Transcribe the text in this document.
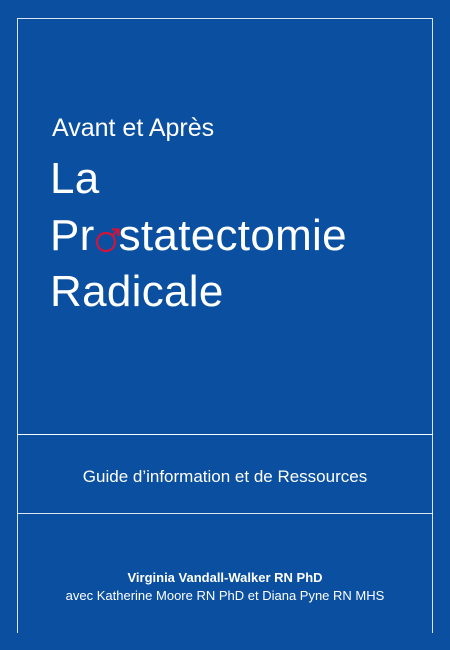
Avant et Après
La
Pr statectomie
Radicale
Guide d’information et de Ressources
Virginia Vandall-Walker RN PhD
avec Katherine Moore RN PhD et Diana Pyne RN MHS
